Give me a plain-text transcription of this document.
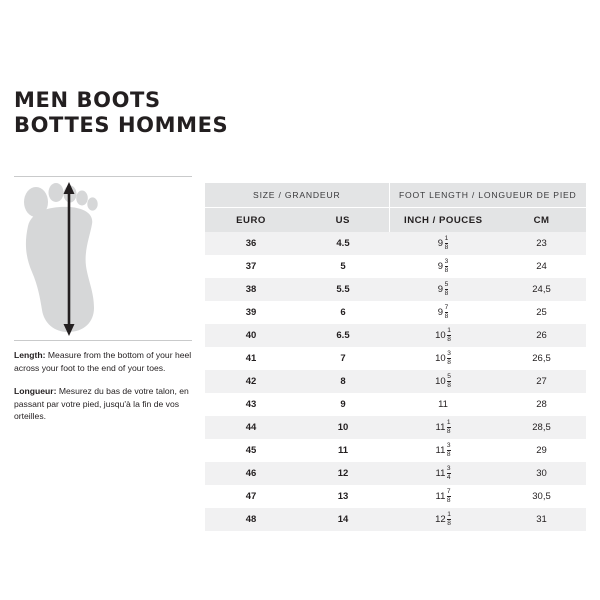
MEN BOOTS
BOTTES HOMMES

Length: Measure from the bottom of your heel across your foot to the end of your toes.

Longueur: Mesurez du bas de votre talon, en passant par votre pied, jusqu'à la fin de vos orteilles.

SIZE / GRANDEUR		FOOT LENGTH / LONGUEUR DE PIED	
EURO	US	INCH / POUCES	CM
36	4.5	$9 \frac{1}{8}$	23
37	5	$9 \frac{3}{8}$	24
38	5.5	$9 \frac{5}{8}$	24,5
39	6	$9 \frac{7}{8}$	25
40	6.5	$10 \frac{1}{8}$	26
41	7	$10 \frac{3}{8}$	26,5
42	8	$10 \frac{5}{8}$	27
43	9	11	28
44	10	$11 \frac{1}{8}$	28,5
45	11	$11 \frac{3}{8}$	29
46	12	$11 \frac{3}{4}$	30
47	13	$11 \frac{7}{8}$	30,5
48	14	$12 \frac{1}{8}$	31
